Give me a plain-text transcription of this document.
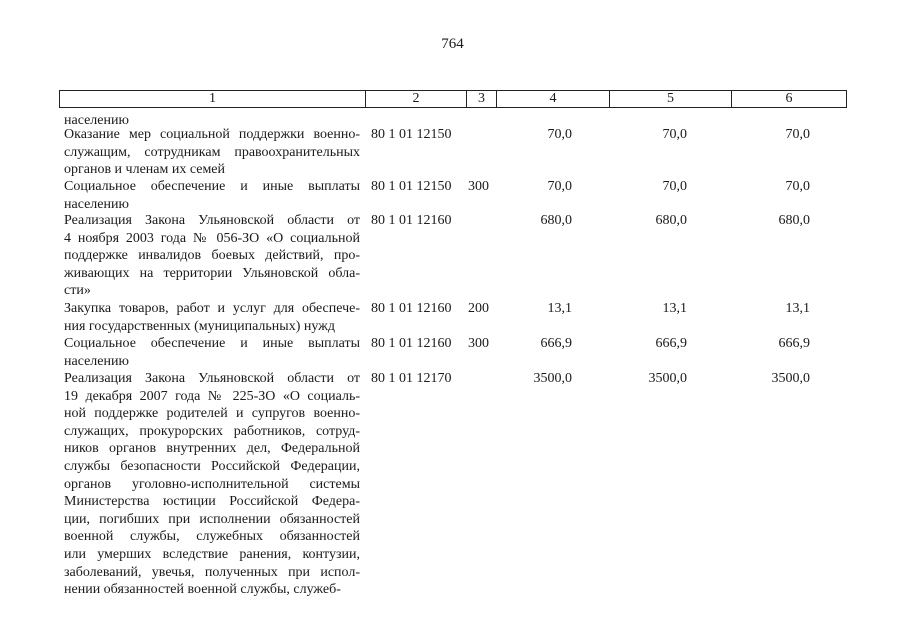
764
1	2	3	4	5	6
населению
Оказание мер социальной поддержки военно-
служащим, сотрудникам правоохранительных
органов и членам их семей
80 1 01 12150	70,0	70,0	70,0
Социальное обеспечение и иные выплаты
населению
80 1 01 12150 300	70,0	70,0	70,0
Реализация Закона Ульяновской области от
4 ноября 2003 года № 056-ЗО «О социальной
поддержке инвалидов боевых действий, про-
живающих на территории Ульяновской обла-
сти»
80 1 01 12160	680,0	680,0	680,0
Закупка товаров, работ и услуг для обеспече-
ния государственных (муниципальных) нужд
80 1 01 12160 200	13,1	13,1	13,1
Социальное обеспечение и иные выплаты
населению
80 1 01 12160 300	666,9	666,9	666,9
Реализация Закона Ульяновской области от
19 декабря 2007 года № 225-ЗО «О социаль-
ной поддержке родителей и супругов военно-
служащих, прокурорских работников, сотруд-
ников органов внутренних дел, Федеральной
службы безопасности Российской Федерации,
органов уголовно-исполнительной системы
Министерства юстиции Российской Федера-
ции, погибших при исполнении обязанностей
военной службы, служебных обязанностей
или умерших вследствие ранения, контузии,
заболеваний, увечья, полученных при испол-
нении обязанностей военной службы, служеб-
80 1 01 12170	3500,0	3500,0	3500,0
